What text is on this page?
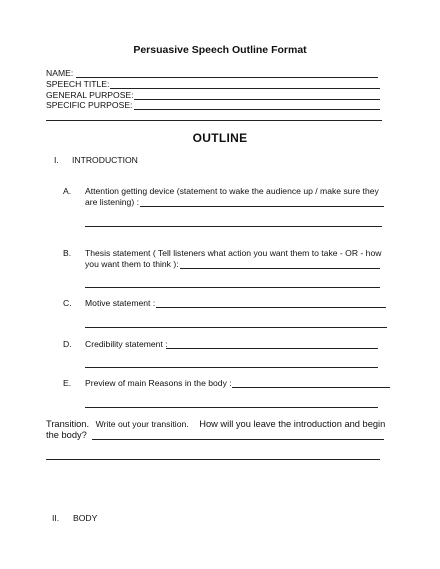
Persuasive Speech Outline Format
NAME:
SPEECH TITLE:
GENERAL PURPOSE:
SPECIFIC PURPOSE:
OUTLINE
I. INTRODUCTION
A. Attention getting device (statement to wake the audience up / make sure they
are listening) :
B. Thesis statement ( Tell listeners what action you want them to take - OR - how
you want them to think ):
C. Motive statement :
D. Credibility statement :
E. Preview of main Reasons in the body :
Transition. Write out your transition. How will you leave the introduction and begin
the body?
II. BODY
